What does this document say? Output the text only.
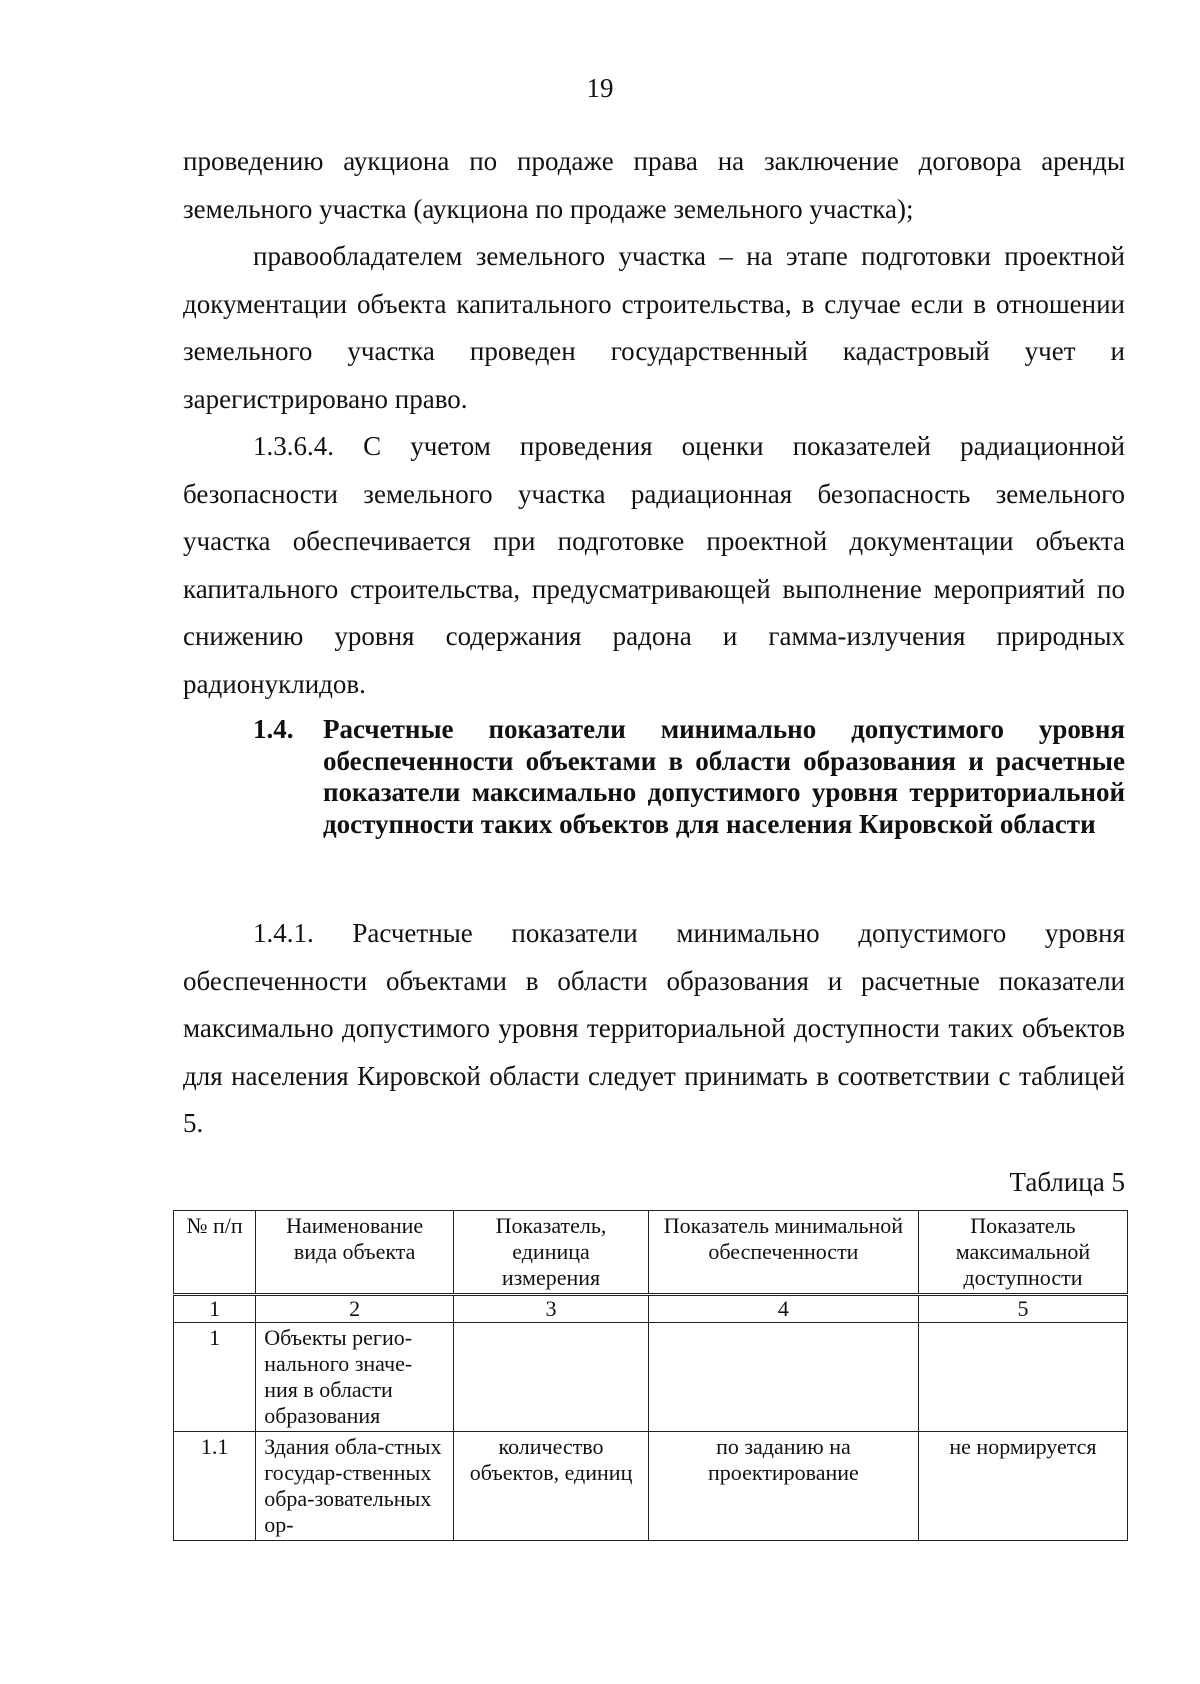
19

проведению аукциона по продаже права на заключение договора аренды земельного участка (аукциона по продаже земельного участка);

правообладателем земельного участка – на этапе подготовки проектной документации объекта капитального строительства, в случае если в отношении земельного участка проведен государственный кадастровый учет и зарегистрировано право.

1.3.6.4. С учетом проведения оценки показателей радиационной безопасности земельного участка радиационная безопасность земельного участка обеспечивается при подготовке проектной документации объекта капитального строительства, предусматривающей выполнение мероприятий по снижению уровня содержания радона и гамма-излучения природных радионуклидов.

1.4.	Расчетные показатели минимально допустимого уровня обеспеченности объектами в области образования и расчетные показатели максимально допустимого уровня территориальной доступности таких объектов для населения Кировской области

1.4.1. Расчетные показатели минимально допустимого уровня обеспеченности объектами в области образования и расчетные показатели максимально допустимого уровня территориальной доступности таких объектов для населения Кировской области следует принимать в соответствии с таблицей 5.

Таблица 5
№ п/п	Наименование вида объекта	Показатель, единица измерения	Показатель минимальной обеспеченности	Показатель максимальной доступности
1	2	3	4	5
1	Объекты регио-нального значе-ния в области образования			
1.1	Здания обла-стных государ-ственных обра-зовательных ор-	количество объектов, единиц	по заданию на проектирование	не нормируется
